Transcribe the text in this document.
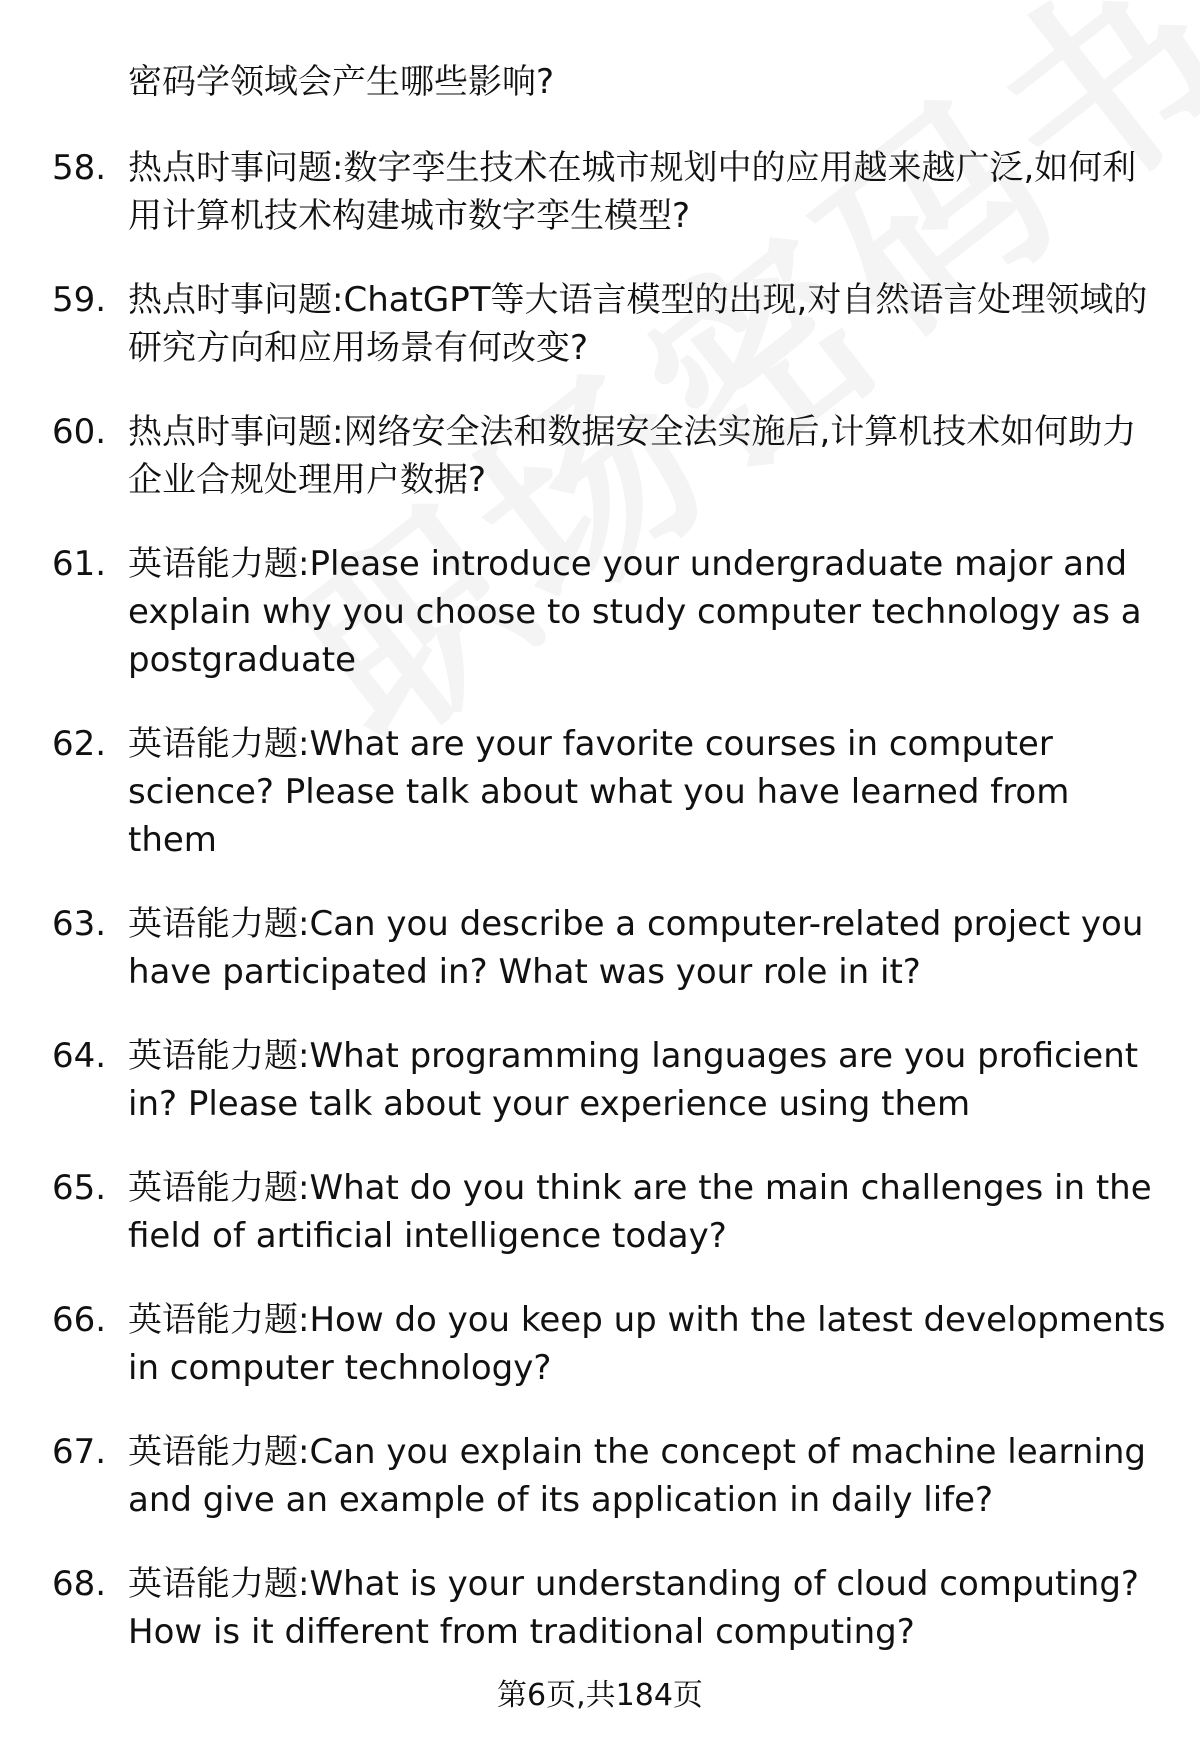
密码学领域会产生哪些影响?
58. 热点时事问题:数字孪生技术在城市规划中的应用越来越广泛,如何利用计算机技术构建城市数字孪生模型?
59. 热点时事问题:ChatGPT等大语言模型的出现,对自然语言处理领域的研究方向和应用场景有何改变?
60. 热点时事问题:网络安全法和数据安全法实施后,计算机技术如何助力企业合规处理用户数据?
61. 英语能力题:Please introduce your undergraduate major and explain why you choose to study computer technology as a postgraduate
62. 英语能力题:What are your favorite courses in computer science? Please talk about what you have learned from them
63. 英语能力题:Can you describe a computer-related project you have participated in? What was your role in it?
64. 英语能力题:What programming languages are you proficient in? Please talk about your experience using them
65. 英语能力题:What do you think are the main challenges in the field of artificial intelligence today?
66. 英语能力题:How do you keep up with the latest developments in computer technology?
67. 英语能力题:Can you explain the concept of machine learning and give an example of its application in daily life?
68. 英语能力题:What is your understanding of cloud computing? How is it different from traditional computing?
第6页,共184页
